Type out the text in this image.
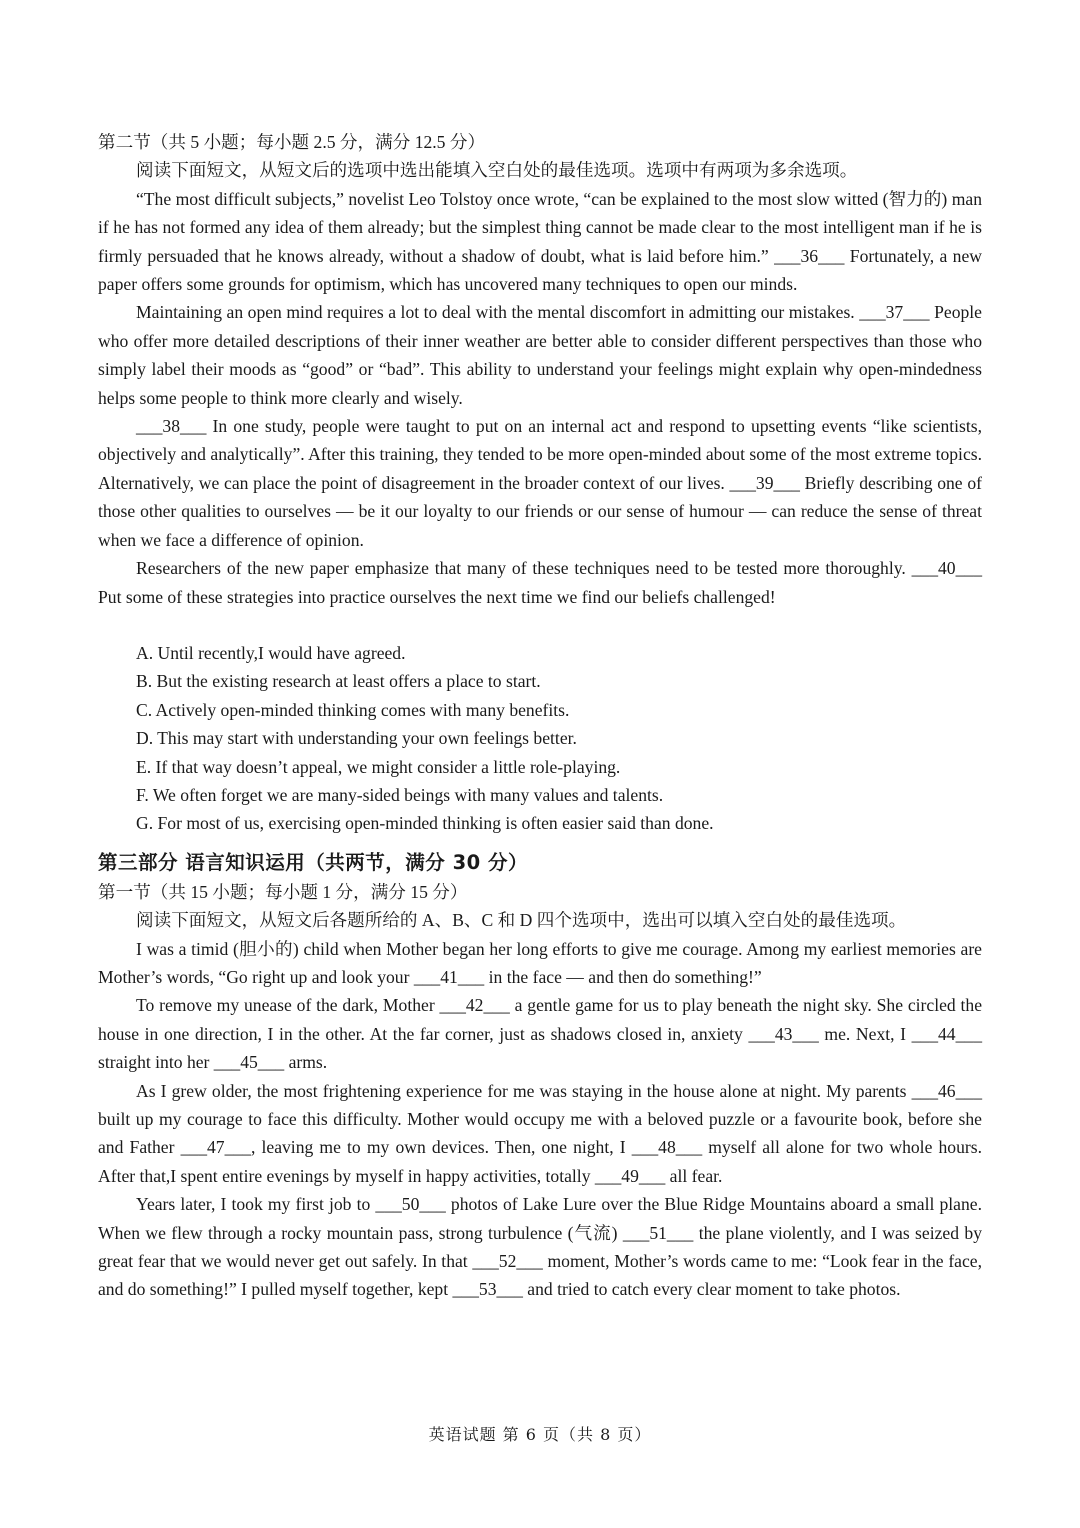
第二节（共 5 小题；每小题 2.5 分，满分 12.5 分）
阅读下面短文，从短文后的选项中选出能填入空白处的最佳选项。选项中有两项为多余选项。

“The most difficult subjects,” novelist Leo Tolstoy once wrote, “can be explained to the most slow witted (智力的) man if he has not formed any idea of them already; but the simplest thing cannot be made clear to the most intelligent man if he is firmly persuaded that he knows already, without a shadow of doubt, what is laid before him.” ___36___ Fortunately, a new paper offers some grounds for optimism, which has uncovered many techniques to open our minds.

Maintaining an open mind requires a lot to deal with the mental discomfort in admitting our mistakes. ___37___ People who offer more detailed descriptions of their inner weather are better able to consider different perspectives than those who simply label their moods as “good” or “bad”. This ability to understand your feelings might explain why open-mindedness helps some people to think more clearly and wisely.

___38___ In one study, people were taught to put on an internal act and respond to upsetting events “like scientists, objectively and analytically”. After this training, they tended to be more open-minded about some of the most extreme topics. Alternatively, we can place the point of disagreement in the broader context of our lives. ___39___ Briefly describing one of those other qualities to ourselves — be it our loyalty to our friends or our sense of humour — can reduce the sense of threat when we face a difference of opinion.

Researchers of the new paper emphasize that many of these techniques need to be tested more thoroughly. ___40___ Put some of these strategies into practice ourselves the next time we find our beliefs challenged!

A. Until recently,I would have agreed.
B. But the existing research at least offers a place to start.
C. Actively open-minded thinking comes with many benefits.
D. This may start with understanding your own feelings better.
E. If that way doesn’t appeal, we might consider a little role-playing.
F. We often forget we are many-sided beings with many values and talents.
G. For most of us, exercising open-minded thinking is often easier said than done.
第三部分 语言知识运用（共两节，满分 30 分）
第一节（共 15 小题；每小题 1 分，满分 15 分）
阅读下面短文，从短文后各题所给的 A、B、C 和 D 四个选项中，选出可以填入空白处的最佳选项。

I was a timid (胆小的) child when Mother began her long efforts to give me courage. Among my earliest memories are Mother’s words, “Go right up and look your ___41___ in the face — and then do something!”

To remove my unease of the dark, Mother ___42___ a gentle game for us to play beneath the night sky. She circled the house in one direction, I in the other. At the far corner, just as shadows closed in, anxiety ___43___ me. Next, I ___44___ straight into her ___45___ arms.

As I grew older, the most frightening experience for me was staying in the house alone at night. My parents ___46___ built up my courage to face this difficulty. Mother would occupy me with a beloved puzzle or a favourite book, before she and Father ___47___, leaving me to my own devices. Then, one night, I ___48___ myself all alone for two whole hours. After that,I spent entire evenings by myself in happy activities, totally ___49___ all fear.

Years later, I took my first job to ___50___ photos of Lake Lure over the Blue Ridge Mountains aboard a small plane. When we flew through a rocky mountain pass, strong turbulence (气流) ___51___ the plane violently, and I was seized by great fear that we would never get out safely. In that ___52___ moment, Mother’s words came to me: “Look fear in the face, and do something!” I pulled myself together, kept ___53___ and tried to catch every clear moment to take photos.

英语试题 第 6 页（共 8 页）
